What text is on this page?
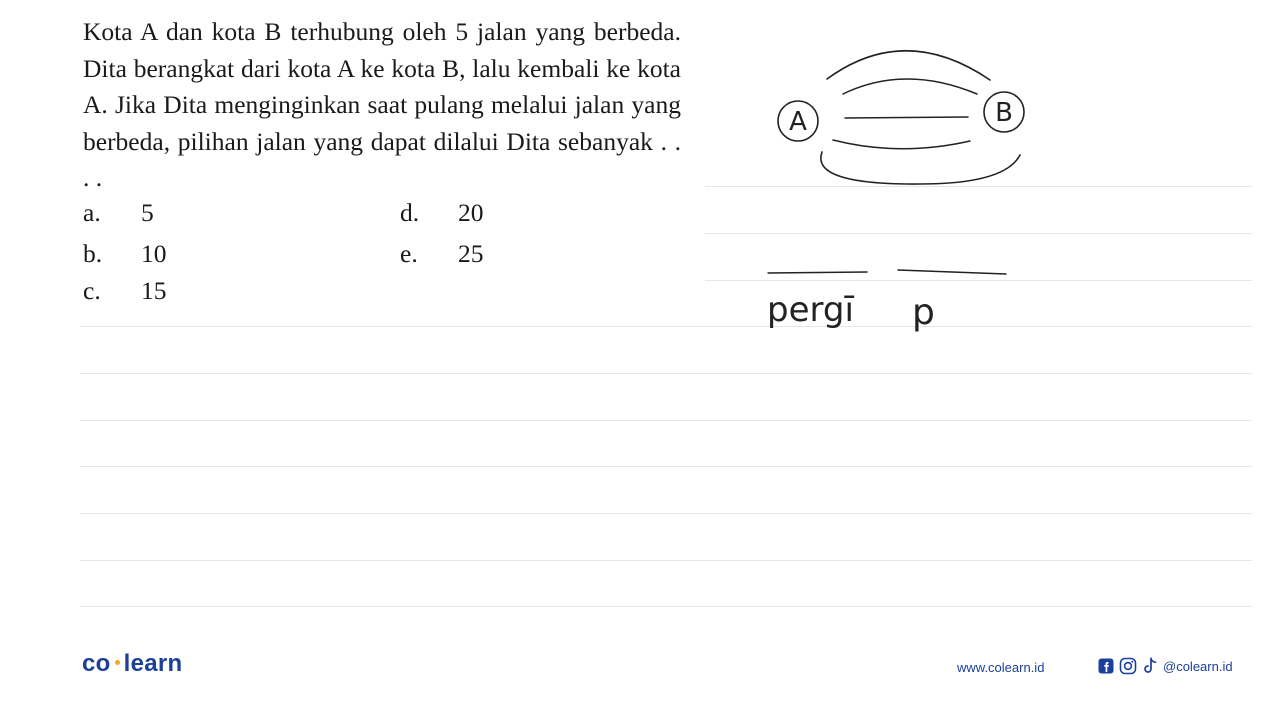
Kota A dan kota B terhubung oleh 5 jalan yang berbeda. Dita berangkat dari kota A ke kota B, lalu kembali ke kota A. Jika Dita menginginkan saat pulang melalui jalan yang berbeda, pilihan jalan yang dapat dilalui Dita sebanyak . . . .

a. 5
b. 10
c. 15
d. 20
e. 25
A	B
pergī p
co learn	www.colearn.id	@colearn.id
